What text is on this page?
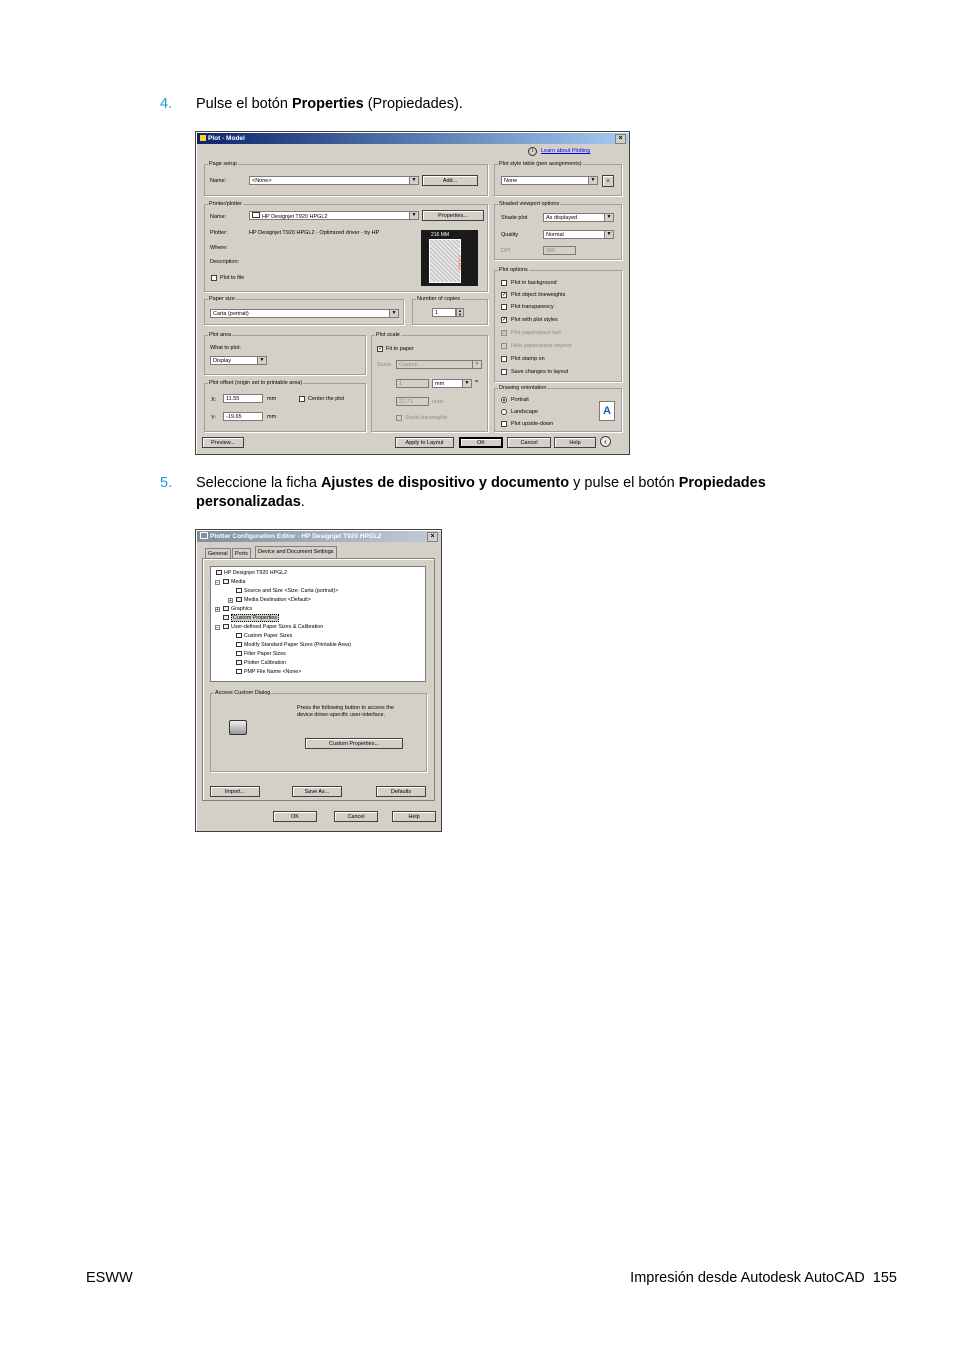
4. Pulse el botón Properties (Propiedades).
Plot - Model	×
i	Learn about Plotting
Page setup
Name:	<None>	▼	Add...
Printer/plotter
Name:	HP Designjet T920 HPGL2	▼	Properties...
Plotter:	HP Designjet T920 HPGL2 - Optimized driver - by HP
Where:
Description:
Plot to file
216 MM
279 MM
Paper size
Carta (portrait)	▼
Number of copies
1	▲
▼
Plot area
What to plot:
Display	▼
Plot offset (origin set to printable area)
X:	11.55	mm	Center the plot
Y:	-19.65	mm
Plot scale
✓ Fit to paper
Scale:	Custom	▼
1	mm	▼ =
22.71	units
Scale lineweights
Plot style table (pen assignments)
None	▼	≡
Shaded viewport options
Shade plot	As displayed	▼
Quality	Normal	▼
DPI	300
Plot options
Plot in background
✓ Plot object lineweights
Plot transparency
✓ Plot with plot styles
✓ Plot paperspace last
Hide paperspace objects
Plot stamp on
Save changes to layout
Drawing orientation
Portrait
Landscape
Plot upside-down
A
Preview...	Apply to Layout	OK	Cancel	Help	‹
5. Seleccione la ficha Ajustes de dispositivo y documento y pulse el botón Propiedades personalizadas.
Plotter Configuration Editor - HP Designjet T920 HPGL2	×
General	Ports	Device and Document Settings
HP Designjet T920 HPGL2
−	Media
Source and Size <Size: Carta (portrait)>
+	Media Destination <Default>
+	Graphics
Custom Properties
−	User-defined Paper Sizes & Calibration
Custom Paper Sizes
Modify Standard Paper Sizes (Printable Area)
Filter Paper Sizes
Plotter Calibration
PMP File Name <None>
Access Custom Dialog
Press the following button to access the
device driver-specific user-interface.
Custom Properties...
Import...	Save As...	Defaults
OK	Cancel	Help
ESWW	Impresión desde Autodesk AutoCAD 155
